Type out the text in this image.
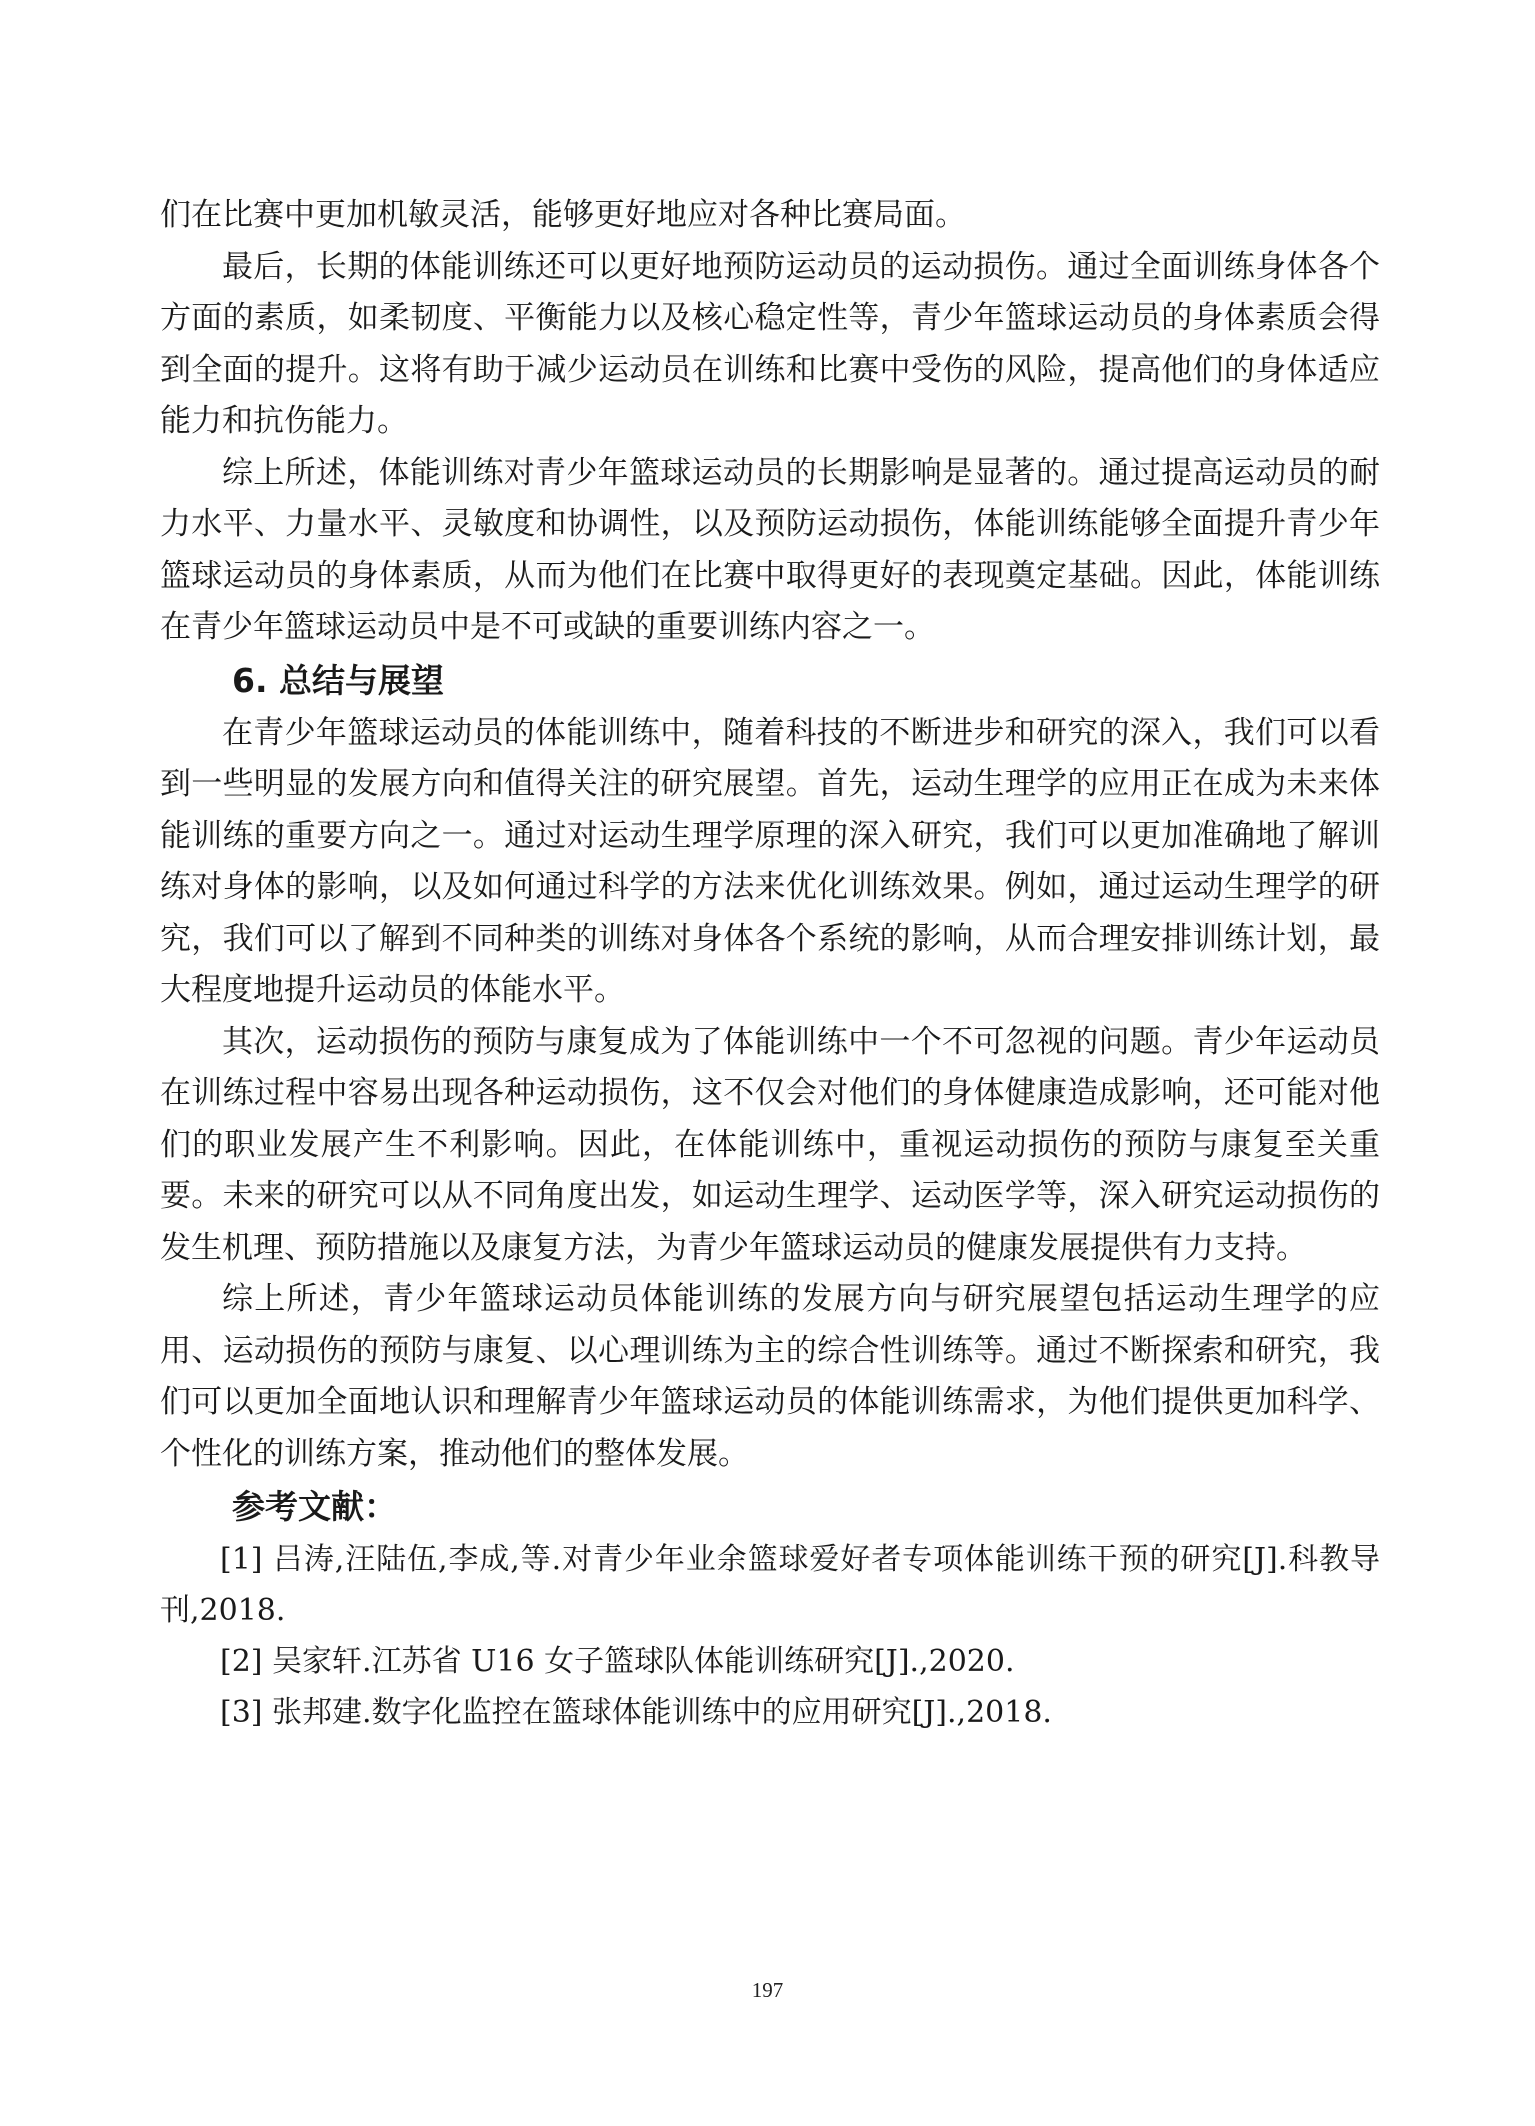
们在比赛中更加机敏灵活，能够更好地应对各种比赛局面。

最后，长期的体能训练还可以更好地预防运动员的运动损伤。通过全面训练身体各个方面的素质，如柔韧度、平衡能力以及核心稳定性等，青少年篮球运动员的身体素质会得到全面的提升。这将有助于减少运动员在训练和比赛中受伤的风险，提高他们的身体适应能力和抗伤能力。

综上所述，体能训练对青少年篮球运动员的长期影响是显著的。通过提高运动员的耐力水平、力量水平、灵敏度和协调性，以及预防运动损伤，体能训练能够全面提升青少年篮球运动员的身体素质，从而为他们在比赛中取得更好的表现奠定基础。因此，体能训练在青少年篮球运动员中是不可或缺的重要训练内容之一。

6. 总结与展望

在青少年篮球运动员的体能训练中，随着科技的不断进步和研究的深入，我们可以看到一些明显的发展方向和值得关注的研究展望。首先，运动生理学的应用正在成为未来体能训练的重要方向之一。通过对运动生理学原理的深入研究，我们可以更加准确地了解训练对身体的影响，以及如何通过科学的方法来优化训练效果。例如，通过运动生理学的研究，我们可以了解到不同种类的训练对身体各个系统的影响，从而合理安排训练计划，最大程度地提升运动员的体能水平。

其次，运动损伤的预防与康复成为了体能训练中一个不可忽视的问题。青少年运动员在训练过程中容易出现各种运动损伤，这不仅会对他们的身体健康造成影响，还可能对他们的职业发展产生不利影响。因此，在体能训练中，重视运动损伤的预防与康复至关重要。未来的研究可以从不同角度出发，如运动生理学、运动医学等，深入研究运动损伤的发生机理、预防措施以及康复方法，为青少年篮球运动员的健康发展提供有力支持。

综上所述，青少年篮球运动员体能训练的发展方向与研究展望包括运动生理学的应用、运动损伤的预防与康复、以心理训练为主的综合性训练等。通过不断探索和研究，我们可以更加全面地认识和理解青少年篮球运动员的体能训练需求，为他们提供更加科学、个性化的训练方案，推动他们的整体发展。

参考文献：

[1] 吕涛,汪陆伍,李成,等.对青少年业余篮球爱好者专项体能训练干预的研究[J].科教导刊,2018.

[2] 吴家轩.江苏省 U16 女子篮球队体能训练研究[J].,2020.

[3] 张邦建.数字化监控在篮球体能训练中的应用研究[J].,2018.

197
